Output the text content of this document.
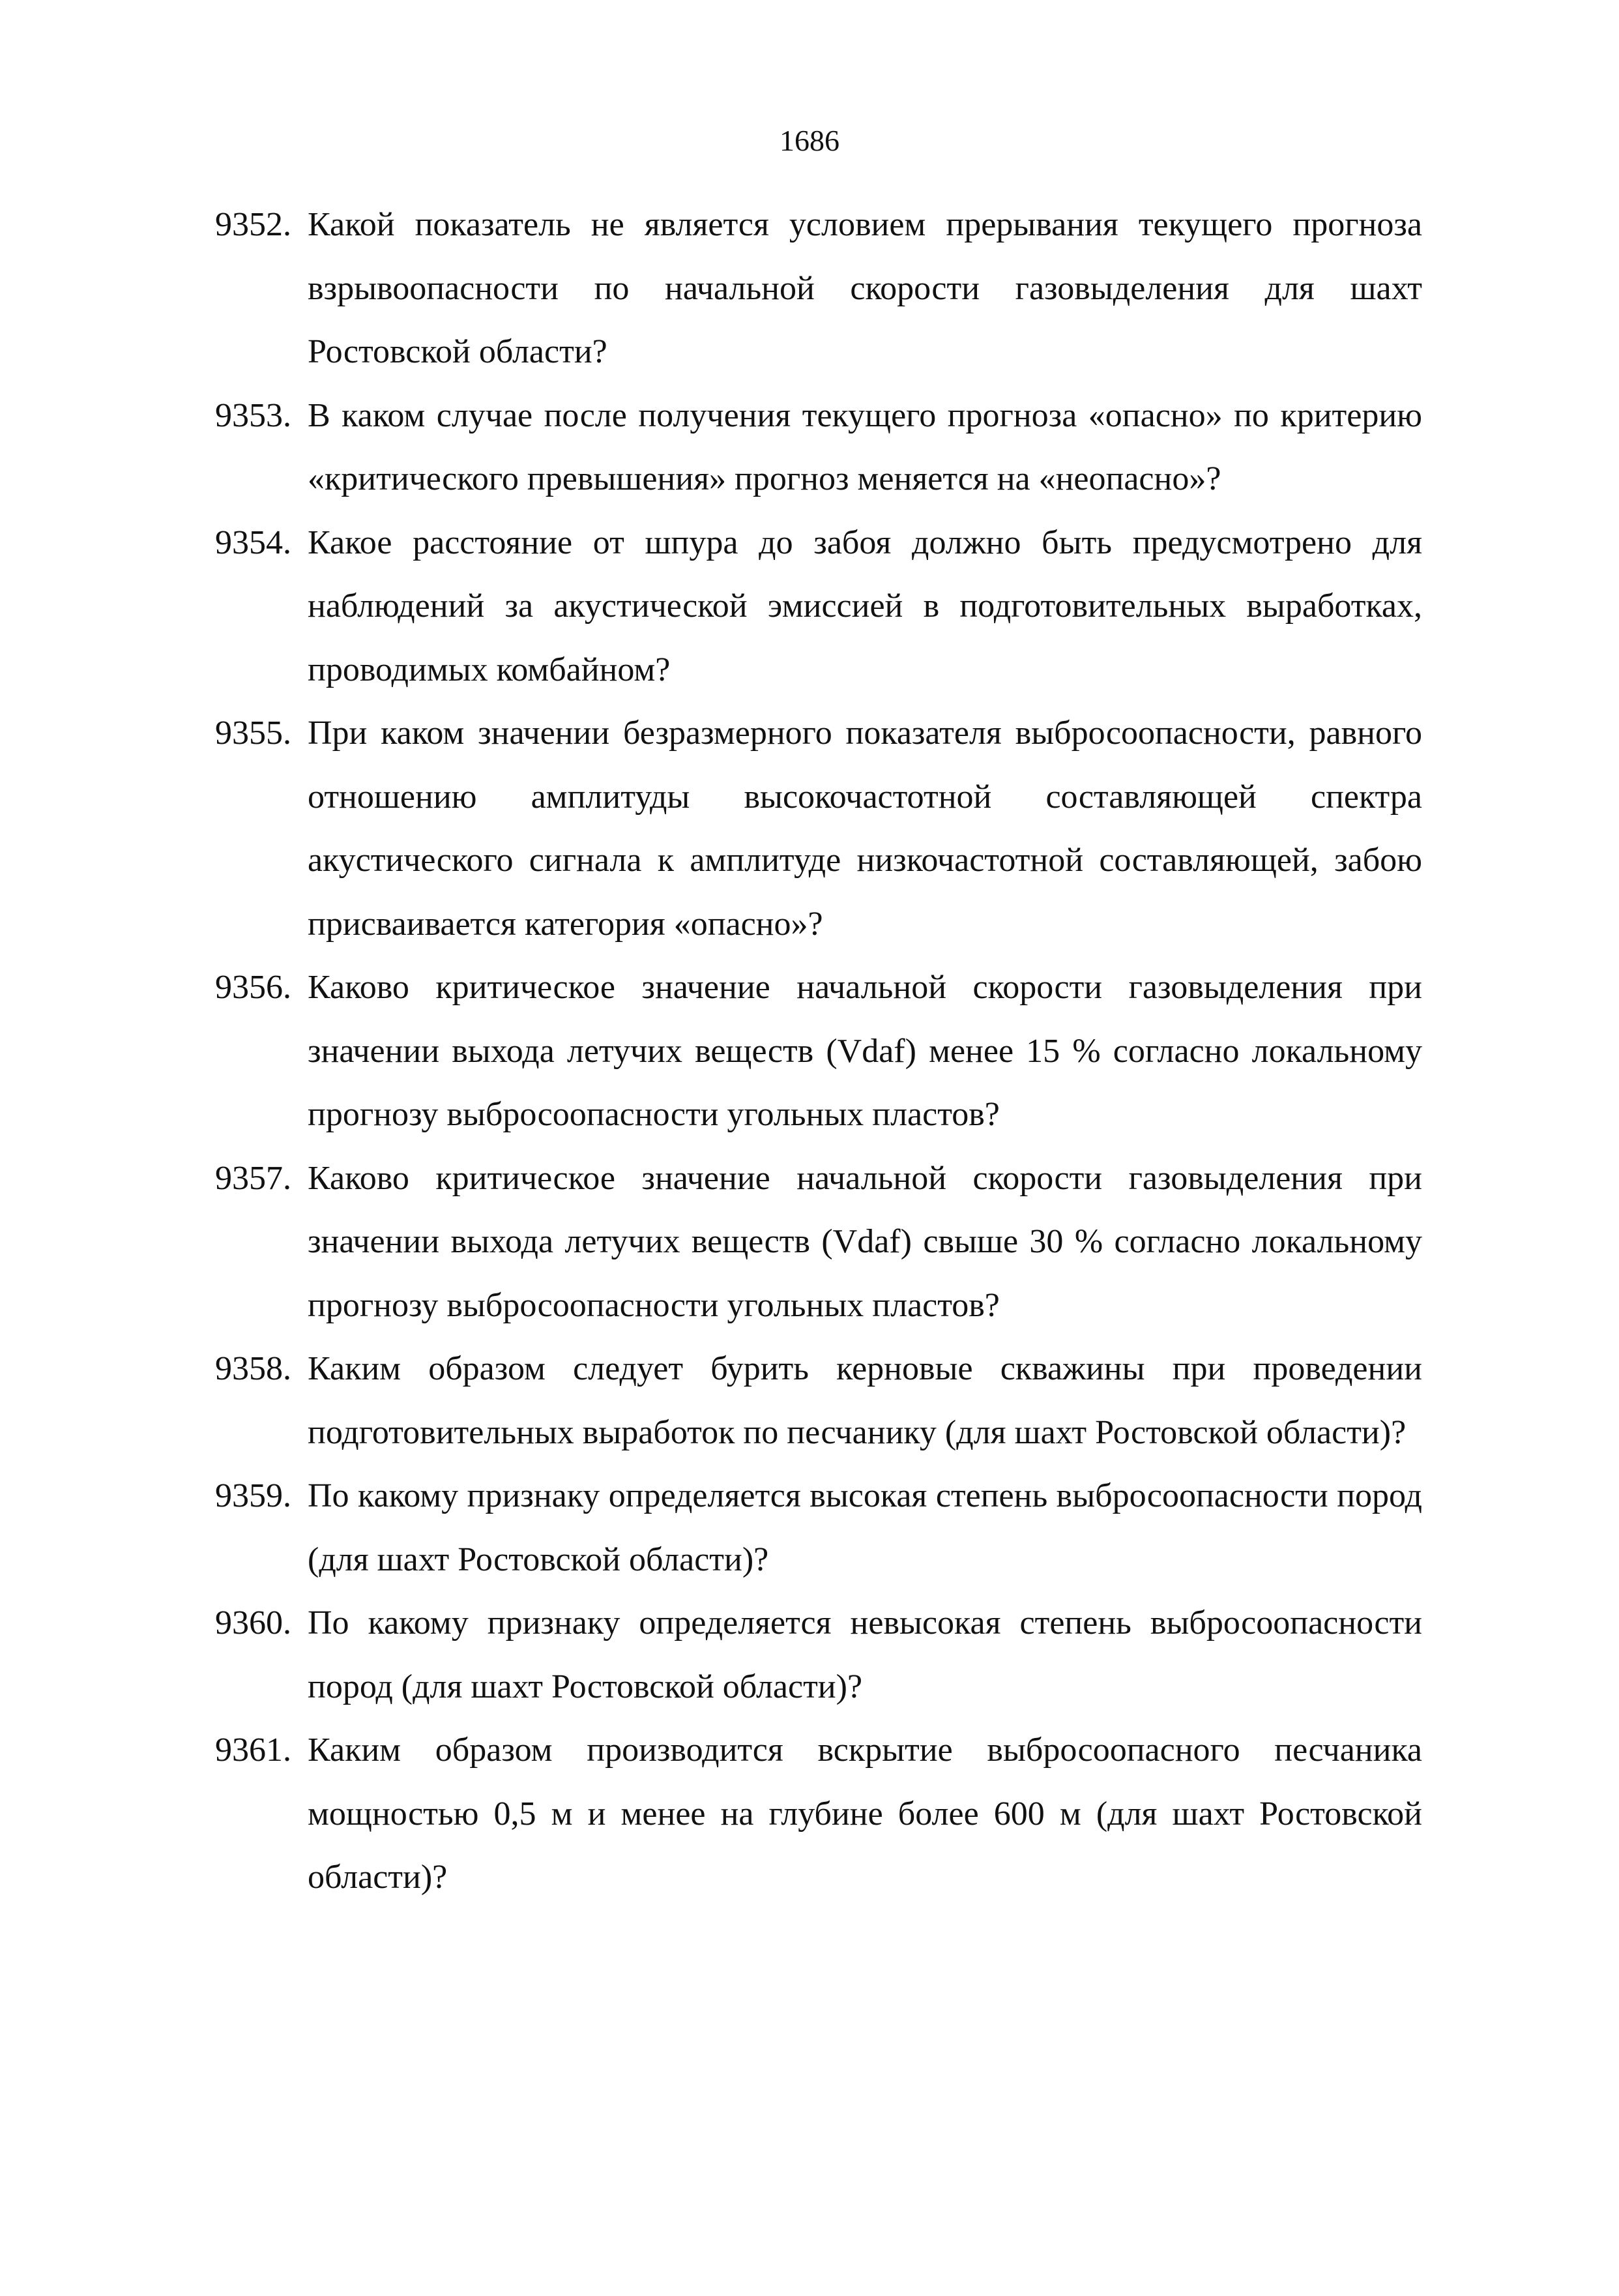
1686
9352. Какой показатель не является условием прерывания текущего прогноза взрывоопасности по начальной скорости газовыделения для шахт Ростовской области?
9353. В каком случае после получения текущего прогноза «опасно» по критерию «критического превышения» прогноз меняется на «неопасно»?
9354. Какое расстояние от шпура до забоя должно быть предусмотрено для наблюдений за акустической эмиссией в подготовительных выработках, проводимых комбайном?
9355. При каком значении безразмерного показателя выбросоопасности, равного отношению амплитуды высокочастотной составляющей спектра акустического сигнала к амплитуде низкочастотной составляющей, забою присваивается категория «опасно»?
9356. Каково критическое значение начальной скорости газовыделения при значении выхода летучих веществ (Vdaf) менее 15 % согласно локальному прогнозу выбросоопасности угольных пластов?
9357. Каково критическое значение начальной скорости газовыделения при значении выхода летучих веществ (Vdaf) свыше 30 % согласно локальному прогнозу выбросоопасности угольных пластов?
9358. Каким образом следует бурить керновые скважины при проведении подготовительных выработок по песчанику (для шахт Ростовской области)?
9359. По какому признаку определяется высокая степень выбросоопасности пород (для шахт Ростовской области)?
9360. По какому признаку определяется невысокая степень выбросоопасности пород (для шахт Ростовской области)?
9361. Каким образом производится вскрытие выбросоопасного песчаника мощностью 0,5 м и менее на глубине более 600 м (для шахт Ростовской области)?
